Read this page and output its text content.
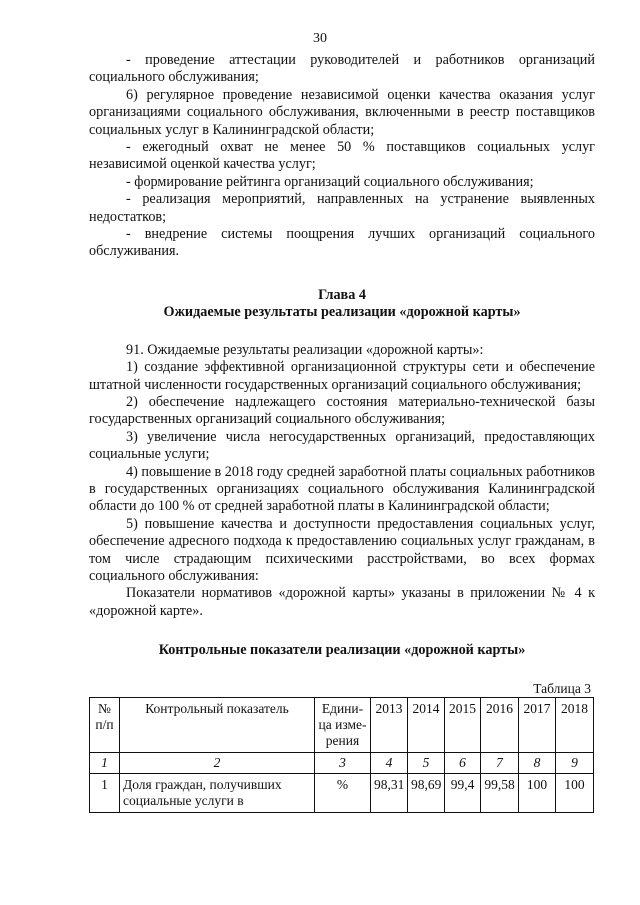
30

- проведение аттестации руководителей и работников организаций социального обслуживания;

6) регулярное проведение независимой оценки качества оказания услуг организациями социального обслуживания, включенными в реестр поставщиков социальных услуг в Калининградской области;

- ежегодный охват не менее 50 % поставщиков социальных услуг независимой оценкой качества услуг;

- формирование рейтинга организаций социального обслуживания;

- реализация мероприятий, направленных на устранение выявленных недостатков;

- внедрение системы поощрения лучших организаций социального обслуживания.

Глава 4

Ожидаемые результаты реализации «дорожной карты»

91. Ожидаемые результаты реализации «дорожной карты»:

1) создание эффективной организационной структуры сети и обеспечение штатной численности государственных организаций социального обслуживания;

2) обеспечение надлежащего состояния материально-технической базы государственных организаций социального обслуживания;

3) увеличение числа негосударственных организаций, предоставляющих социальные услуги;

4) повышение в 2018 году средней заработной платы социальных работников в государственных организациях социального обслуживания Калининградской области до 100 % от средней заработной платы в Калининградской области;

5) повышение качества и доступности предоставления социальных услуг, обеспечение адресного подхода к предоставлению социальных услуг гражданам, в том числе страдающим психическими расстройствами, во всех формах социального обслуживания:

Показатели нормативов «дорожной карты» указаны в приложении № 4 к «дорожной карте».

Контрольные показатели реализации «дорожной карты»

Таблица 3

№ п/п	Контрольный показатель	Едини-ца изме-рения	2013	2014	2015	2016	2017	2018
1	2	3	4	5	6	7	8	9
1	Доля граждан, получивших социальные услуги в	%	98,31	98,69	99,4	99,58	100	100
